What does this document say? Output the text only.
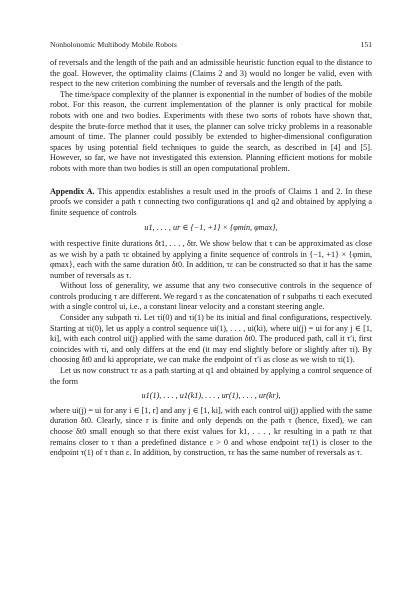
Nonholonomic Multibody Mobile Robots	151

of reversals and the length of the path and an admissible heuristic function equal to the distance to the goal. However, the optimality claims (Claims 2 and 3) would no longer be valid, even with respect to the new criterion combining the number of reversals and the length of the path.

The time/space complexity of the planner is exponential in the number of bodies of the mobile robot. For this reason, the current implementation of the planner is only practical for mobile robots with one and two bodies. Experiments with these two sorts of robots have shown that, despite the brute-force method that it uses, the planner can solve tricky problems in a reasonable amount of time. The planner could possibly be extended to higher-dimensional configuration spaces by using potential field techniques to guide the search, as described in [4] and [5]. However, so far, we have not investigated this extension. Planning efficient motions for mobile robots with more than two bodies is still an open computational problem.

Appendix A. This appendix establishes a result used in the proofs of Claims 1 and 2. In these proofs we consider a path τ connecting two configurations q1 and q2 and obtained by applying a finite sequence of controls

u1, . . . , ur ∈ {−1, +1} × {φmin, φmax},

with respective finite durations δt1, . . . , δtr. We show below that τ can be approximated as close as we wish by a path τε obtained by applying a finite sequence of controls in {−1, +1} × {φmin, φmax}, each with the same duration δt0. In addition, τε can be constructed so that it has the same number of reversals as τ.

Without loss of generality, we assume that any two consecutive controls in the sequence of controls producing τ are different. We regard τ as the concatenation of r subpaths τi each executed with a single control ui, i.e., a constant linear velocity and a constant steering angle.

Consider any subpath τi. Let τi(0) and τi(1) be its initial and final configurations, respectively. Starting at τi(0), let us apply a control sequence ui(1), . . . , ui(ki), where ui(j) = ui for any j ∈ [1, ki], with each control ui(j) applied with the same duration δt0. The produced path, call it τ′i, first coincides with τi, and only differs at the end (it may end slightly before or slightly after τi). By choosing δt0 and ki appropriate, we can make the endpoint of τ′i as close as we wish to τi(1).

Let us now construct τε as a path starting at q1 and obtained by applying a control sequence of the form

u1(1), . . . , u1(k1), . . . , ur(1), . . . , ur(kr),

where ui(j) = ui for any i ∈ [1, r] and any j ∈ [1, ki], with each control ui(j) applied with the same duration δt0. Clearly, since r is finite and only depends on the path τ (hence, fixed), we can choose δt0 small enough so that there exist values for k1, . . . , kr resulting in a path τε that remains closer to τ than a predefined distance ε > 0 and whose endpoint τε(1) is closer to the endpoint τ(1) of τ than ε. In addition, by construction, τε has the same number of reversals as τ.
